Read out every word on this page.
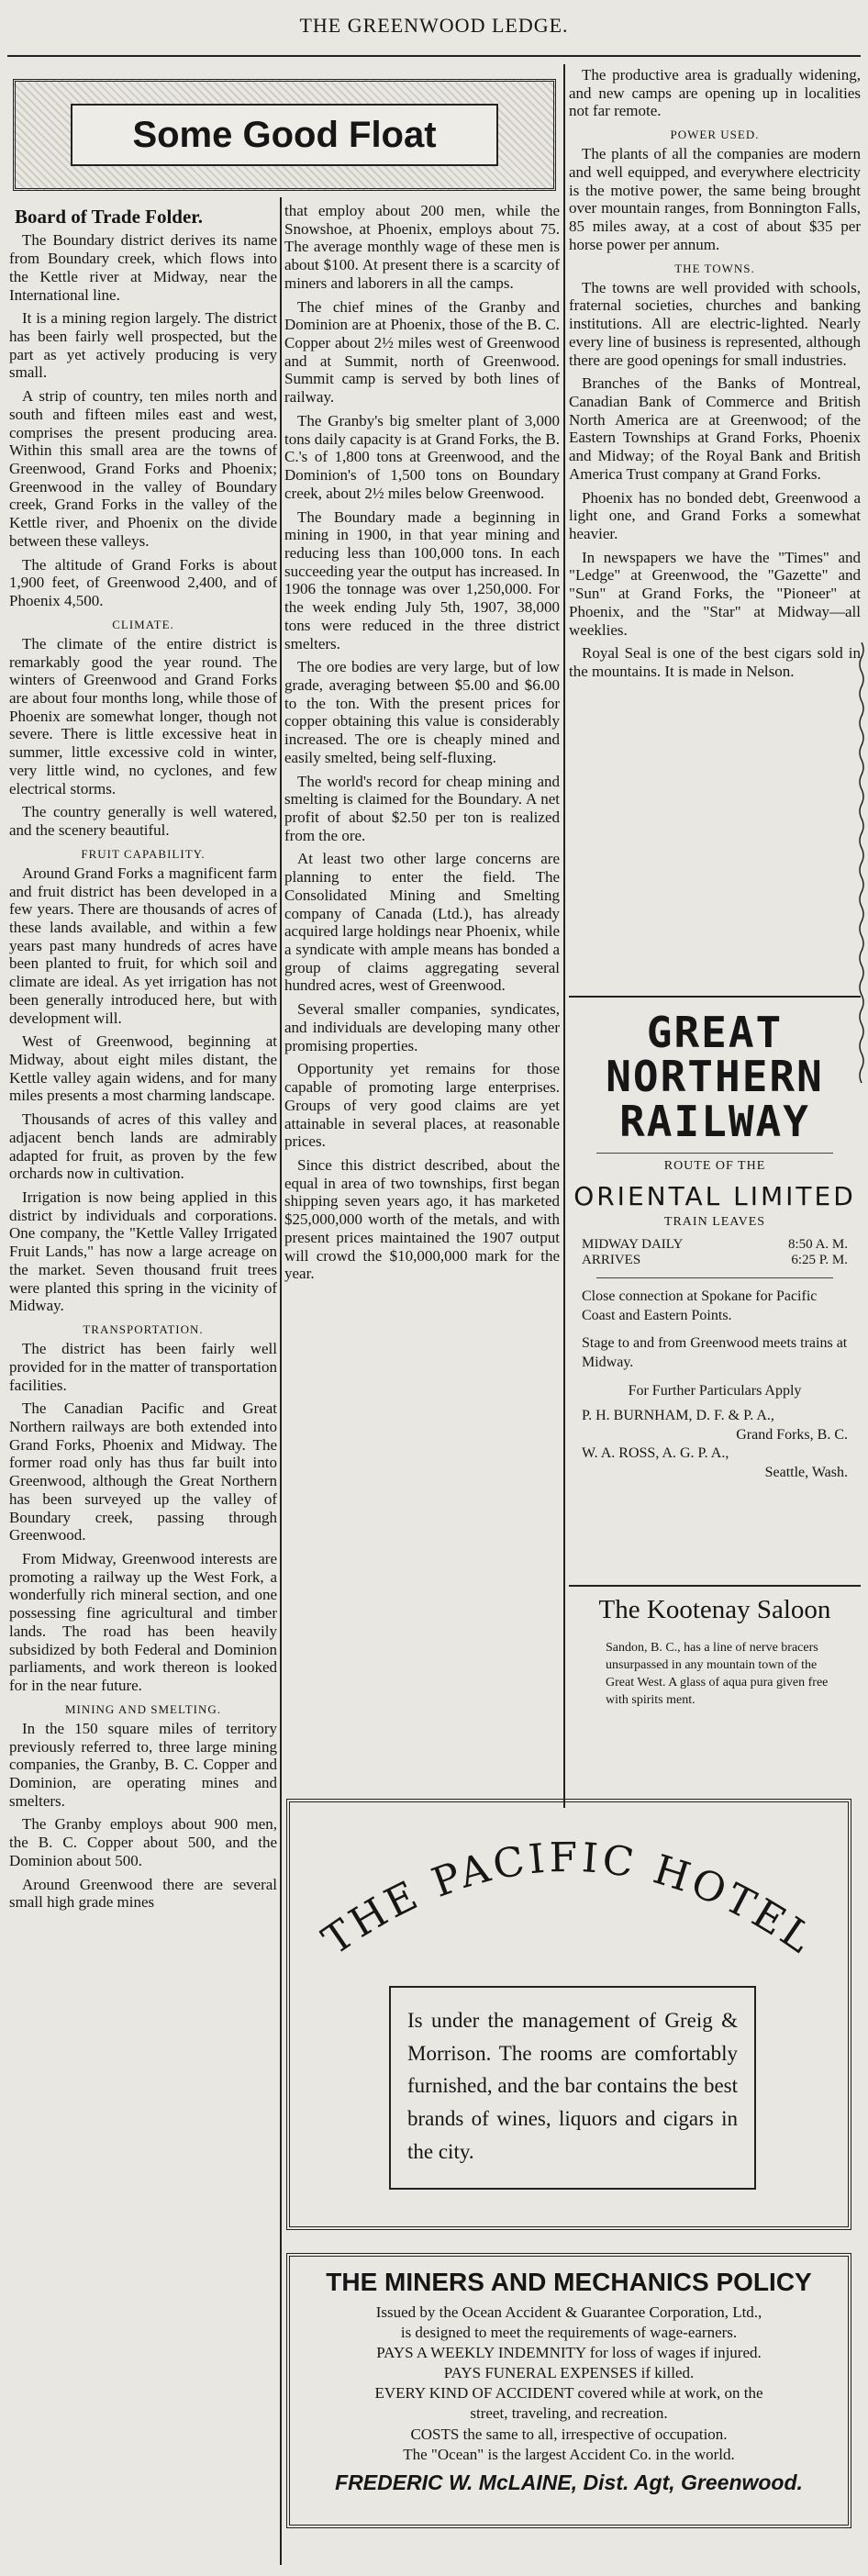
THE GREENWOOD LEDGE.
Some Good Float
Board of Trade Folder.

The Boundary district derives its name from Boundary creek, which flows into the Kettle river at Midway, near the International line.

It is a mining region largely. The district has been fairly well prospected, but the part as yet actively producing is very small.

A strip of country, ten miles north and south and fifteen miles east and west, comprises the present producing area. Within this small area are the towns of Greenwood, Grand Forks and Phoenix; Greenwood in the valley of Boundary creek, Grand Forks in the valley of the Kettle river, and Phoenix on the divide between these valleys.

The altitude of Grand Forks is about 1,900 feet, of Greenwood 2,400, and of Phoenix 4,500.

CLIMATE.

The climate of the entire district is remarkably good the year round. The winters of Greenwood and Grand Forks are about four months long, while those of Phoenix are somewhat longer, though not severe. There is little excessive heat in summer, little excessive cold in winter, very little wind, no cyclones, and few electrical storms.

The country generally is well watered, and the scenery beautiful.

FRUIT CAPABILITY.

Around Grand Forks a magnificent farm and fruit district has been developed in a few years. There are thousands of acres of these lands available, and within a few years past many hundreds of acres have been planted to fruit, for which soil and climate are ideal. As yet irrigation has not been generally introduced here, but with development will.

West of Greenwood, beginning at Midway, about eight miles distant, the Kettle valley again widens, and for many miles presents a most charming landscape.

Thousands of acres of this valley and adjacent bench lands are admirably adapted for fruit, as proven by the few orchards now in cultivation.

Irrigation is now being applied in this district by individuals and corporations. One company, the "Kettle Valley Irrigated Fruit Lands," has now a large acreage on the market. Seven thousand fruit trees were planted this spring in the vicinity of Midway.

TRANSPORTATION.

The district has been fairly well provided for in the matter of transportation facilities.

The Canadian Pacific and Great Northern railways are both extended into Grand Forks, Phoenix and Midway. The former road only has thus far built into Greenwood, although the Great Northern has been surveyed up the valley of Boundary creek, passing through Greenwood.

From Midway, Greenwood interests are promoting a railway up the West Fork, a wonderfully rich mineral section, and one possessing fine agricultural and timber lands. The road has been heavily subsidized by both Federal and Dominion parliaments, and work thereon is looked for in the near future.

MINING AND SMELTING.

In the 150 square miles of territory previously referred to, three large mining companies, the Granby, B. C. Copper and Dominion, are operating mines and smelters.

The Granby employs about 900 men, the B. C. Copper about 500, and the Dominion about 500.

Around Greenwood there are several small high grade mines

that employ about 200 men, while the Snowshoe, at Phoenix, employs about 75. The average monthly wage of these men is about $100. At present there is a scarcity of miners and laborers in all the camps.

The chief mines of the Granby and Dominion are at Phoenix, those of the B. C. Copper about 2½ miles west of Greenwood and at Summit, north of Greenwood. Summit camp is served by both lines of railway.

The Granby's big smelter plant of 3,000 tons daily capacity is at Grand Forks, the B. C.'s of 1,800 tons at Greenwood, and the Dominion's of 1,500 tons on Boundary creek, about 2½ miles below Greenwood.

The Boundary made a beginning in mining in 1900, in that year mining and reducing less than 100,000 tons. In each succeeding year the output has increased. In 1906 the tonnage was over 1,250,000. For the week ending July 5th, 1907, 38,000 tons were reduced in the three district smelters.

The ore bodies are very large, but of low grade, averaging between $5.00 and $6.00 to the ton. With the present prices for copper obtaining this value is considerably increased. The ore is cheaply mined and easily smelted, being self-fluxing.

The world's record for cheap mining and smelting is claimed for the Boundary. A net profit of about $2.50 per ton is realized from the ore.

At least two other large concerns are planning to enter the field. The Consolidated Mining and Smelting company of Canada (Ltd.), has already acquired large holdings near Phoenix, while a syndicate with ample means has bonded a group of claims aggregating several hundred acres, west of Greenwood.

Several smaller companies, syndicates, and individuals are developing many other promising properties.

Opportunity yet remains for those capable of promoting large enterprises. Groups of very good claims are yet attainable in several places, at reasonable prices.

Since this district described, about the equal in area of two townships, first began shipping seven years ago, it has marketed $25,000,000 worth of the metals, and with present prices maintained the 1907 output will crowd the $10,000,000 mark for the year.

The productive area is gradually widening, and new camps are opening up in localities not far remote.

POWER USED.

The plants of all the companies are modern and well equipped, and everywhere electricity is the motive power, the same being brought over mountain ranges, from Bonnington Falls, 85 miles away, at a cost of about $35 per horse power per annum.

THE TOWNS.

The towns are well provided with schools, fraternal societies, churches and banking institutions. All are electric-lighted. Nearly every line of business is represented, although there are good openings for small industries.

Branches of the Banks of Montreal, Canadian Bank of Commerce and British North America are at Greenwood; of the Eastern Townships at Grand Forks, Phoenix and Midway; of the Royal Bank and British America Trust company at Grand Forks.

Phoenix has no bonded debt, Greenwood a light one, and Grand Forks a somewhat heavier.

In newspapers we have the "Times" and "Ledge" at Greenwood, the "Gazette" and "Sun" at Grand Forks, the "Pioneer" at Phoenix, and the "Star" at Midway—all weeklies.

Royal Seal is one of the best cigars sold in the mountains. It is made in Nelson.

GREAT
NORTHERN
RAILWAY
ROUTE OF THE
ORIENTAL LIMITED
TRAIN LEAVES
MIDWAY DAILY	8:50 A. M.
ARRIVES	6:25 P. M.
Close connection at Spokane for Pacific Coast and Eastern Points.
Stage to and from Greenwood meets trains at Midway.
For Further Particulars Apply
P. H. BURNHAM, D. F. & P. A.,
Grand Forks, B. C.
W. A. ROSS, A. G. P. A.,
Seattle, Wash.
The Kootenay Saloon
Sandon, B. C., has a line of nerve bracers unsurpassed in any mountain town of the Great West. A glass of aqua pura given free with spirits ment.
THE PACIFIC HOTEL
Is under the management of Greig & Morrison. The rooms are comfortably furnished, and the bar contains the best brands of wines, liquors and cigars in the city.
THE MINERS AND MECHANICS POLICY
Issued by the Ocean Accident & Guarantee Corporation, Ltd.,
is designed to meet the requirements of wage-earners.
PAYS A WEEKLY INDEMNITY for loss of wages if injured.
PAYS FUNERAL EXPENSES if killed.
EVERY KIND OF ACCIDENT covered while at work, on the
street, traveling, and recreation.
COSTS the same to all, irrespective of occupation.
The "Ocean" is the largest Accident Co. in the world.
FREDERIC W. McLAINE, Dist. Agt, Greenwood.
